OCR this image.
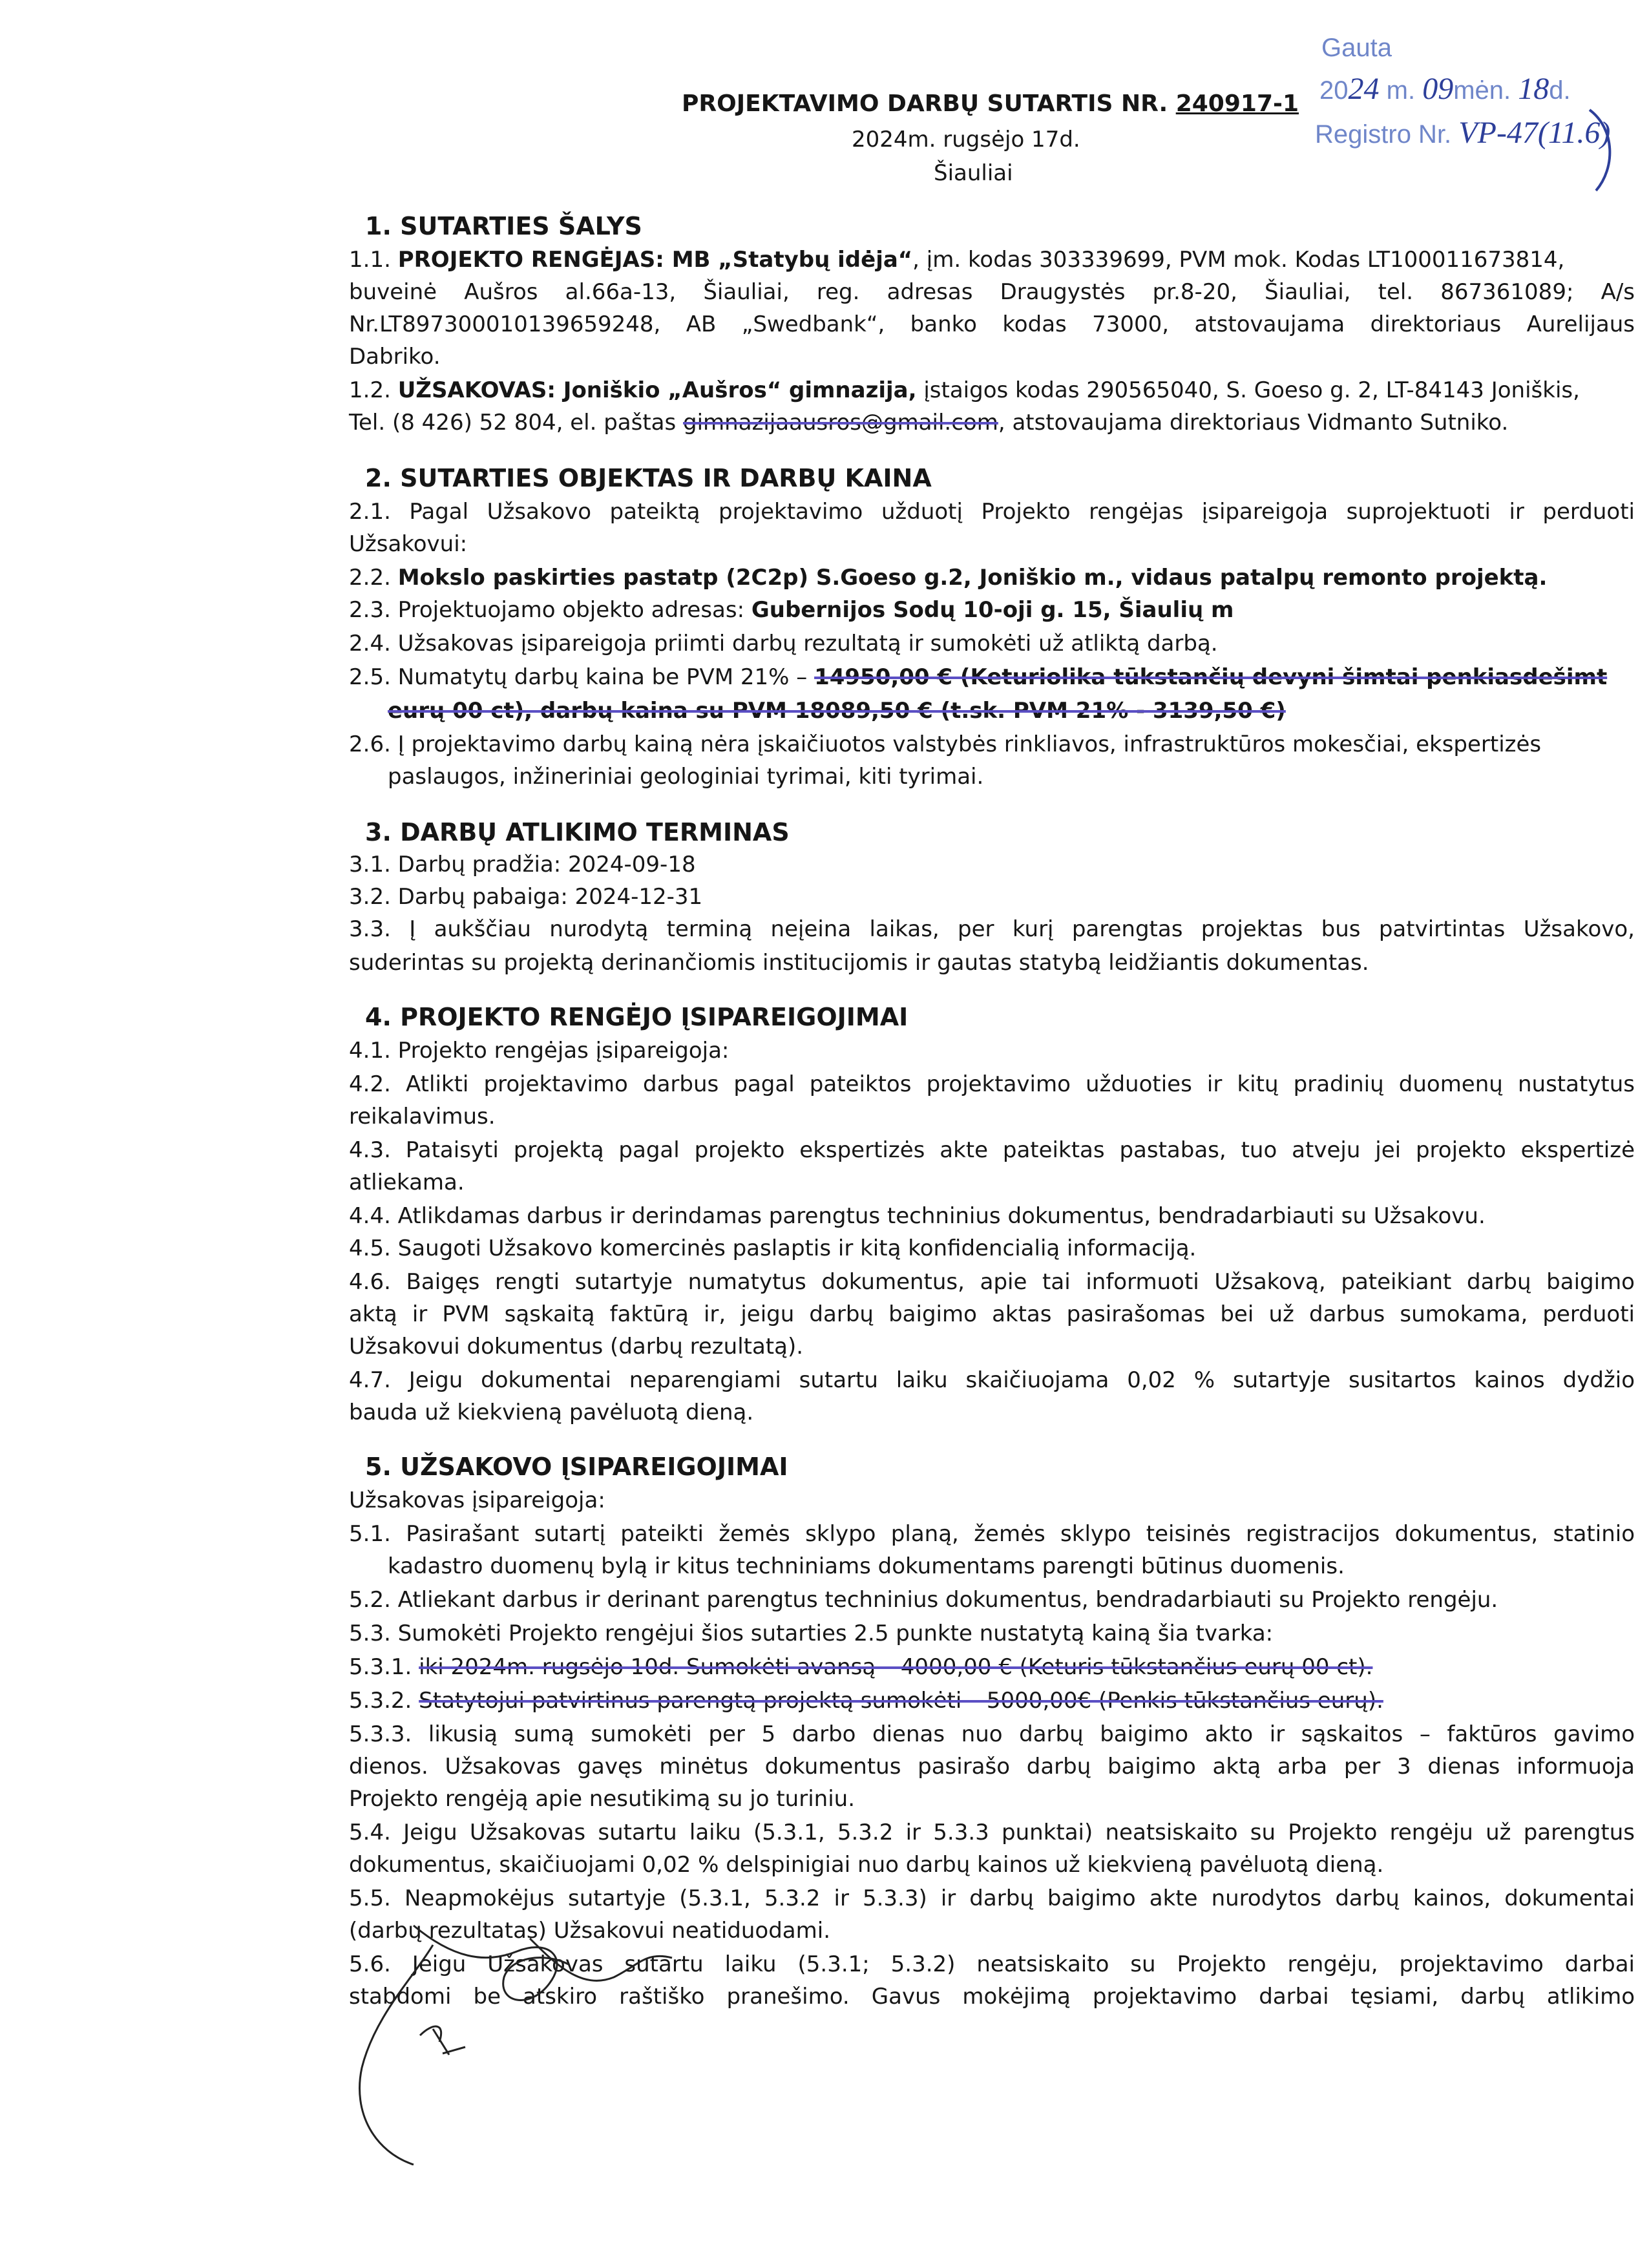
Gauta
2024 m. 09mėn. 18d.
Registro Nr. VP-47(11.6)
PROJEKTAVIMO DARBŲ SUTARTIS NR. 240917-1
2024m. rugsėjo 17d.
Šiauliai
1. SUTARTIES ŠALYS
1.1. PROJEKTO RENGĖJAS: MB „Statybų idėja“, įm. kodas 303339699, PVM mok. Kodas LT100011673814,
buveinė Aušros al.66a-13, Šiauliai, reg. adresas Draugystės pr.8-20, Šiauliai, tel. 867361089; A/s
Nr.LT897300010139659248, AB „Swedbank“, banko kodas 73000, atstovaujama direktoriaus Aurelijaus
Dabriko.
1.2. UŽSAKOVAS: Joniškio „Aušros“ gimnazija, įstaigos kodas 290565040, S. Goeso g. 2, LT-84143 Joniškis,
Tel. (8 426) 52 804, el. paštas gimnazijaausros@gmail.com, atstovaujama direktoriaus Vidmanto Sutniko.
2. SUTARTIES OBJEKTAS IR DARBŲ KAINA
2.1. Pagal Užsakovo pateiktą projektavimo užduotį Projekto rengėjas įsipareigoja suprojektuoti ir perduoti
Užsakovui:
2.2. Mokslo paskirties pastatp (2C2p) S.Goeso g.2, Joniškio m., vidaus patalpų remonto projektą.
2.3. Projektuojamo objekto adresas: Gubernijos Sodų 10-oji g. 15, Šiaulių m
2.4. Užsakovas įsipareigoja priimti darbų rezultatą ir sumokėti už atliktą darbą.
2.5. Numatytų darbų kaina be PVM 21% – 14950,00 € (Keturiolika tūkstančių devyni šimtai penkiasdešimt
eurų 00 ct), darbų kaina su PVM 18089,50 € (t.sk. PVM 21% - 3139,50 €)
2.6. Į projektavimo darbų kainą nėra įskaičiuotos valstybės rinkliavos, infrastruktūros mokesčiai, ekspertizės
paslaugos, inžineriniai geologiniai tyrimai, kiti tyrimai.
3. DARBŲ ATLIKIMO TERMINAS
3.1. Darbų pradžia: 2024-09-18
3.2. Darbų pabaiga: 2024-12-31
3.3. Į aukščiau nurodytą terminą neįeina laikas, per kurį parengtas projektas bus patvirtintas Užsakovo,
suderintas su projektą derinančiomis institucijomis ir gautas statybą leidžiantis dokumentas.
4. PROJEKTO RENGĖJO ĮSIPAREIGOJIMAI
4.1. Projekto rengėjas įsipareigoja:
4.2. Atlikti projektavimo darbus pagal pateiktos projektavimo užduoties ir kitų pradinių duomenų nustatytus
reikalavimus.
4.3. Pataisyti projektą pagal projekto ekspertizės akte pateiktas pastabas, tuo atveju jei projekto ekspertizė
atliekama.
4.4. Atlikdamas darbus ir derindamas parengtus techninius dokumentus, bendradarbiauti su Užsakovu.
4.5. Saugoti Užsakovo komercinės paslaptis ir kitą konfidencialią informaciją.
4.6. Baigęs rengti sutartyje numatytus dokumentus, apie tai informuoti Užsakovą, pateikiant darbų baigimo
aktą ir PVM sąskaitą faktūrą ir, jeigu darbų baigimo aktas pasirašomas bei už darbus sumokama, perduoti
Užsakovui dokumentus (darbų rezultatą).
4.7. Jeigu dokumentai neparengiami sutartu laiku skaičiuojama 0,02 % sutartyje susitartos kainos dydžio
bauda už kiekvieną pavėluotą dieną.
5. UŽSAKOVO ĮSIPAREIGOJIMAI
Užsakovas įsipareigoja:
5.1. Pasirašant sutartį pateikti žemės sklypo planą, žemės sklypo teisinės registracijos dokumentus, statinio
kadastro duomenų bylą ir kitus techniniams dokumentams parengti būtinus duomenis.
5.2. Atliekant darbus ir derinant parengtus techninius dokumentus, bendradarbiauti su Projekto rengėju.
5.3. Sumokėti Projekto rengėjui šios sutarties 2.5 punkte nustatytą kainą šia tvarka:
5.3.1. iki 2024m. rugsėjo 10d. Sumokėti avansą – 4000,00 € (Keturis tūkstančius eurų 00 ct).
5.3.2. Statytojui patvirtinus parengtą projektą sumokėti – 5000,00€ (Penkis tūkstančius eurų).
5.3.3. likusią sumą sumokėti per 5 darbo dienas nuo darbų baigimo akto ir sąskaitos – faktūros gavimo
dienos. Užsakovas gavęs minėtus dokumentus pasirašo darbų baigimo aktą arba per 3 dienas informuoja
Projekto rengėją apie nesutikimą su jo turiniu.
5.4. Jeigu Užsakovas sutartu laiku (5.3.1, 5.3.2 ir 5.3.3 punktai) neatsiskaito su Projekto rengėju už parengtus
dokumentus, skaičiuojami 0,02 % delspinigiai nuo darbų kainos už kiekvieną pavėluotą dieną.
5.5. Neapmokėjus sutartyje (5.3.1, 5.3.2 ir 5.3.3) ir darbų baigimo akte nurodytos darbų kainos, dokumentai
(darbų rezultatas) Užsakovui neatiduodami.
5.6. Jeigu Užsakovas sutartu laiku (5.3.1; 5.3.2) neatsiskaito su Projekto rengėju, projektavimo darbai
stabdomi be atskiro raštiško pranešimo. Gavus mokėjimą projektavimo darbai tęsiami, darbų atlikimo
